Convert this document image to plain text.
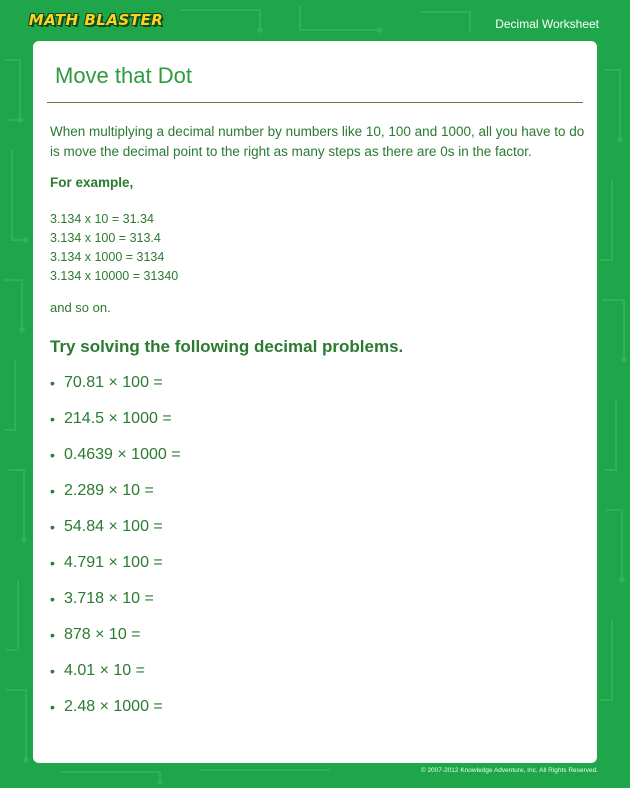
MATH BLASTER	Decimal Worksheet
Move that Dot

When multiplying a decimal number by numbers like 10, 100 and 1000, all you have to do is move the decimal point to the right as many steps as there are 0s in the factor.

For example,

3.134 x 10 = 31.34
3.134 x 100 = 313.4
3.134 x 1000 = 3134
3.134 x 10000 = 31340
and so on.
Try solving the following decimal problems.
• 70.81 × 100 =
• 214.5 × 1000 =
• 0.4639 × 1000 =
• 2.289 × 10 =
• 54.84 × 100 =
• 4.791 × 100 =
• 3.718 × 10 =
• 878 × 10 =
• 4.01 × 10 =
• 2.48 × 1000 =
© 2007-2012 Knowledge Adventure, Inc. All Rights Reserved.
